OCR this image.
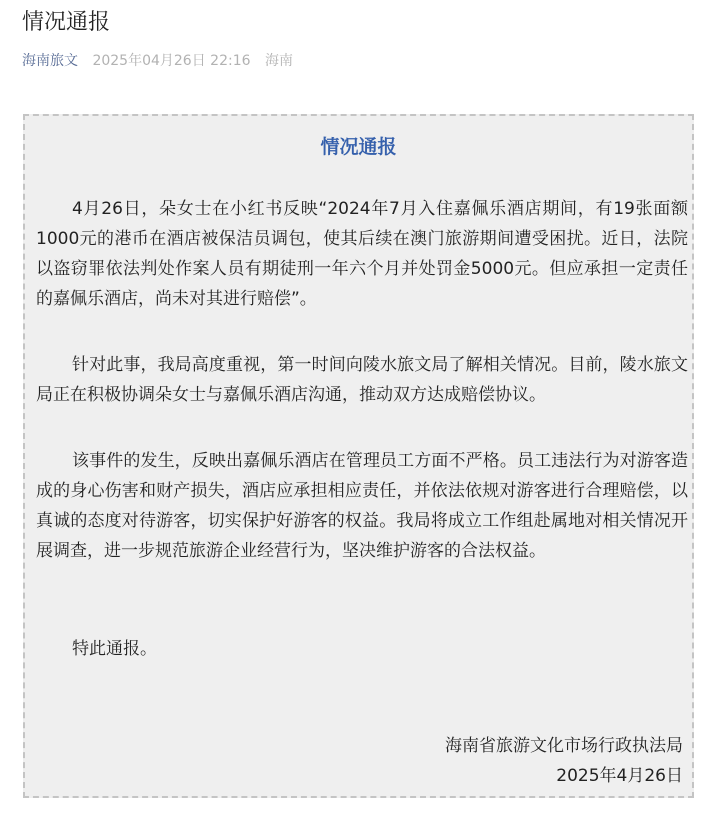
情况通报
海南旅文 2025年04月26日 22:16 海南
情况通报

4月26日，朵女士在小红书反映“2024年7月入住嘉佩乐酒店期间，有19张面额1000元的港币在酒店被保洁员调包，使其后续在澳门旅游期间遭受困扰。近日，法院以盗窃罪依法判处作案人员有期徒刑一年六个月并处罚金5000元。但应承担一定责任的嘉佩乐酒店，尚未对其进行赔偿”。

针对此事，我局高度重视，第一时间向陵水旅文局了解相关情况。目前，陵水旅文局正在积极协调朵女士与嘉佩乐酒店沟通，推动双方达成赔偿协议。

该事件的发生，反映出嘉佩乐酒店在管理员工方面不严格。员工违法行为对游客造成的身心伤害和财产损失，酒店应承担相应责任，并依法依规对游客进行合理赔偿，以真诚的态度对待游客，切实保护好游客的权益。我局将成立工作组赴属地对相关情况开展调查，进一步规范旅游企业经营行为，坚决维护游客的合法权益。

特此通报。

海南省旅游文化市场行政执法局
2025年4月26日
